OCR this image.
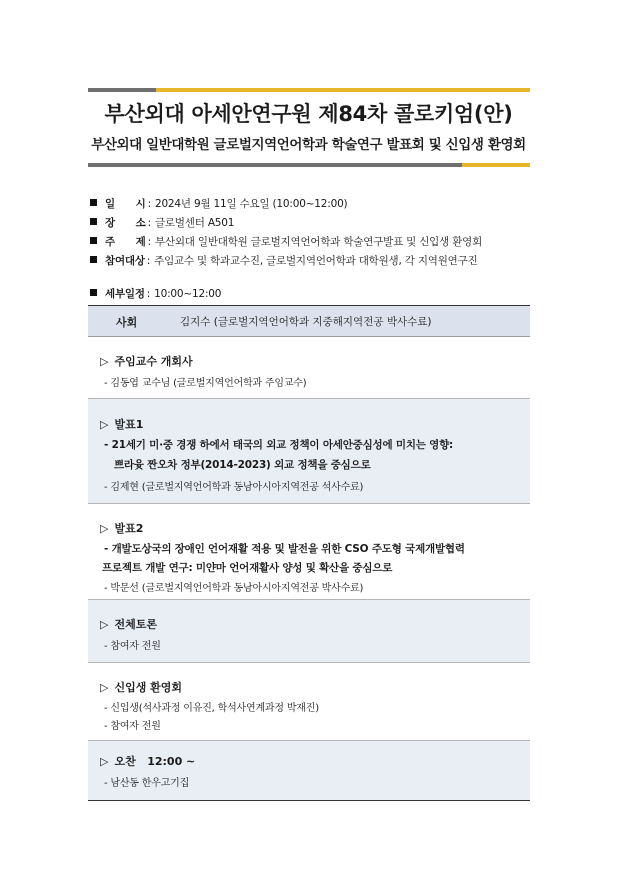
부산외대 아세안연구원 제84차 콜로키엄(안)
부산외대 일반대학원 글로벌지역언어학과 학술연구 발표회 및 신입생 환영회
일      시 : 2024년 9월 11일 수요일 (10:00~12:00)
장      소 : 글로벌센터 A501
주      제 : 부산외대 일반대학원 글로벌지역언어학과 학술연구발표 및 신입생 환영회
참여대상 : 주임교수 및 학과교수진, 글로벌지역언어학과 대학원생, 각 지역원연구진
세부일정 : 10:00~12:00
사회	김지수 (글로벌지역언어학과 지중해지역전공 박사수료)
▷ 주임교수 개회사
- 김동엽 교수님 (글로벌지역언어학과 주임교수)
▷ 발표1
- 21세기 미·중 경쟁 하에서 태국의 외교 정책이 아세안중심성에 미치는 영향:
쁘라윳 짠오차 정부(2014-2023) 외교 정책을 중심으로
- 김제현 (글로벌지역언어학과 동남아시아지역전공 석사수료)
▷ 발표2
- 개발도상국의 장애인 언어재활 적용 및 발전을 위한 CSO 주도형 국제개발협력
프로젝트 개발 연구: 미얀마 언어재활사 양성 및 확산을 중심으로
- 박문선 (글로벌지역언어학과 동남아시아지역전공 박사수료)
▷ 전체토론
- 참여자 전원
▷ 신입생 환영회
- 신입생(석사과정 이유진, 학석사연계과정 박재진)
- 참여자 전원
▷ 오찬   12:00 ~
- 남산동 한우고기집
